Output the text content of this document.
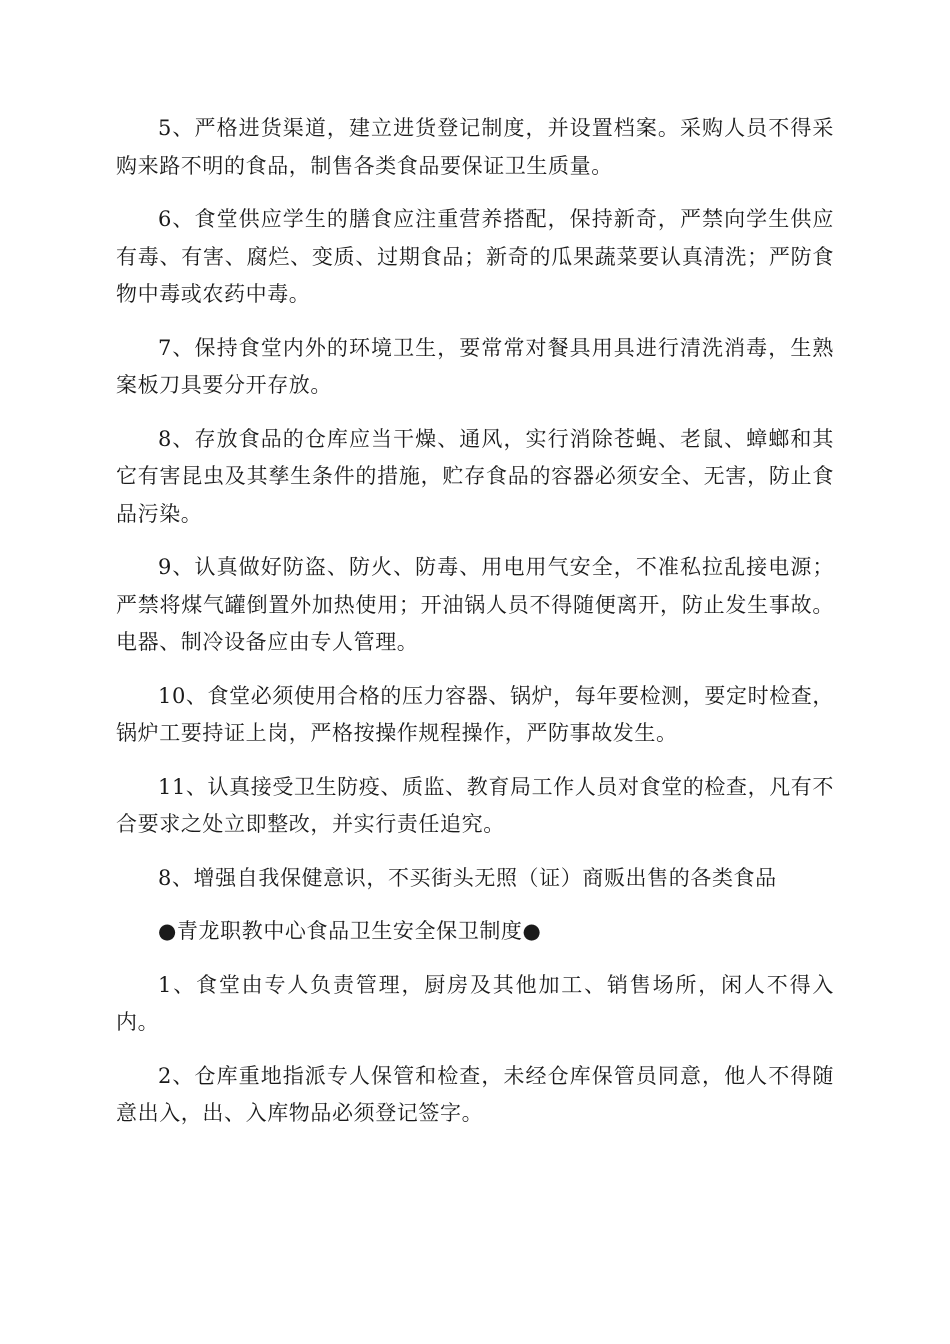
5、严格进货渠道，建立进货登记制度，并设置档案。采购人员不得采购来路不明的食品，制售各类食品要保证卫生质量。

6、食堂供应学生的膳食应注重营养搭配，保持新奇，严禁向学生供应有毒、有害、腐烂、变质、过期食品；新奇的瓜果蔬菜要认真清洗；严防食物中毒或农药中毒。

7、保持食堂内外的环境卫生，要常常对餐具用具进行清洗消毒，生熟案板刀具要分开存放。

8、存放食品的仓库应当干燥、通风，实行消除苍蝇、老鼠、蟑螂和其它有害昆虫及其孳生条件的措施，贮存食品的容器必须安全、无害，防止食品污染。

9、认真做好防盗、防火、防毒、用电用气安全，不准私拉乱接电源；严禁将煤气罐倒置外加热使用；开油锅人员不得随便离开，防止发生事故。电器、制冷设备应由专人管理。

10、食堂必须使用合格的压力容器、锅炉，每年要检测，要定时检查，锅炉工要持证上岗，严格按操作规程操作，严防事故发生。

11、认真接受卫生防疫、质监、教育局工作人员对食堂的检查，凡有不合要求之处立即整改，并实行责任追究。

8、增强自我保健意识，不买街头无照（证）商贩出售的各类食品

●青龙职教中心食品卫生安全保卫制度●

1、食堂由专人负责管理，厨房及其他加工、销售场所，闲人不得入内。

2、仓库重地指派专人保管和检查，未经仓库保管员同意，他人不得随意出入，出、入库物品必须登记签字。
